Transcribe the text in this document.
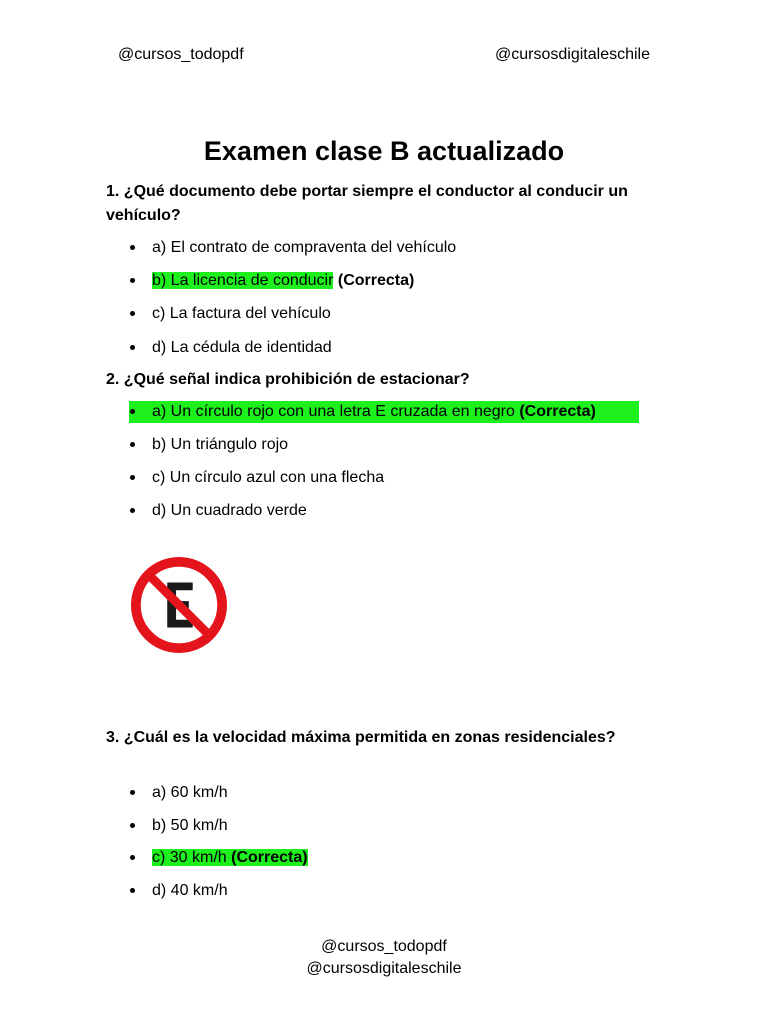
@cursos_todopdf	@cursosdigitaleschile
Examen clase B actualizado

1. ¿Qué documento debe portar siempre el conductor al conducir un vehículo?

a) El contrato de compraventa del vehículo
b) La licencia de conducir (Correcta)
c) La factura del vehículo
d) La cédula de identidad

2. ¿Qué señal indica prohibición de estacionar?

a) Un círculo rojo con una letra E cruzada en negro (Correcta)
b) Un triángulo rojo
c) Un círculo azul con una flecha
d) Un cuadrado verde

3. ¿Cuál es la velocidad máxima permitida en zonas residenciales?

a) 60 km/h
b) 50 km/h
c) 30 km/h (Correcta)
d) 40 km/h
@cursos_todopdf
@cursosdigitaleschile
